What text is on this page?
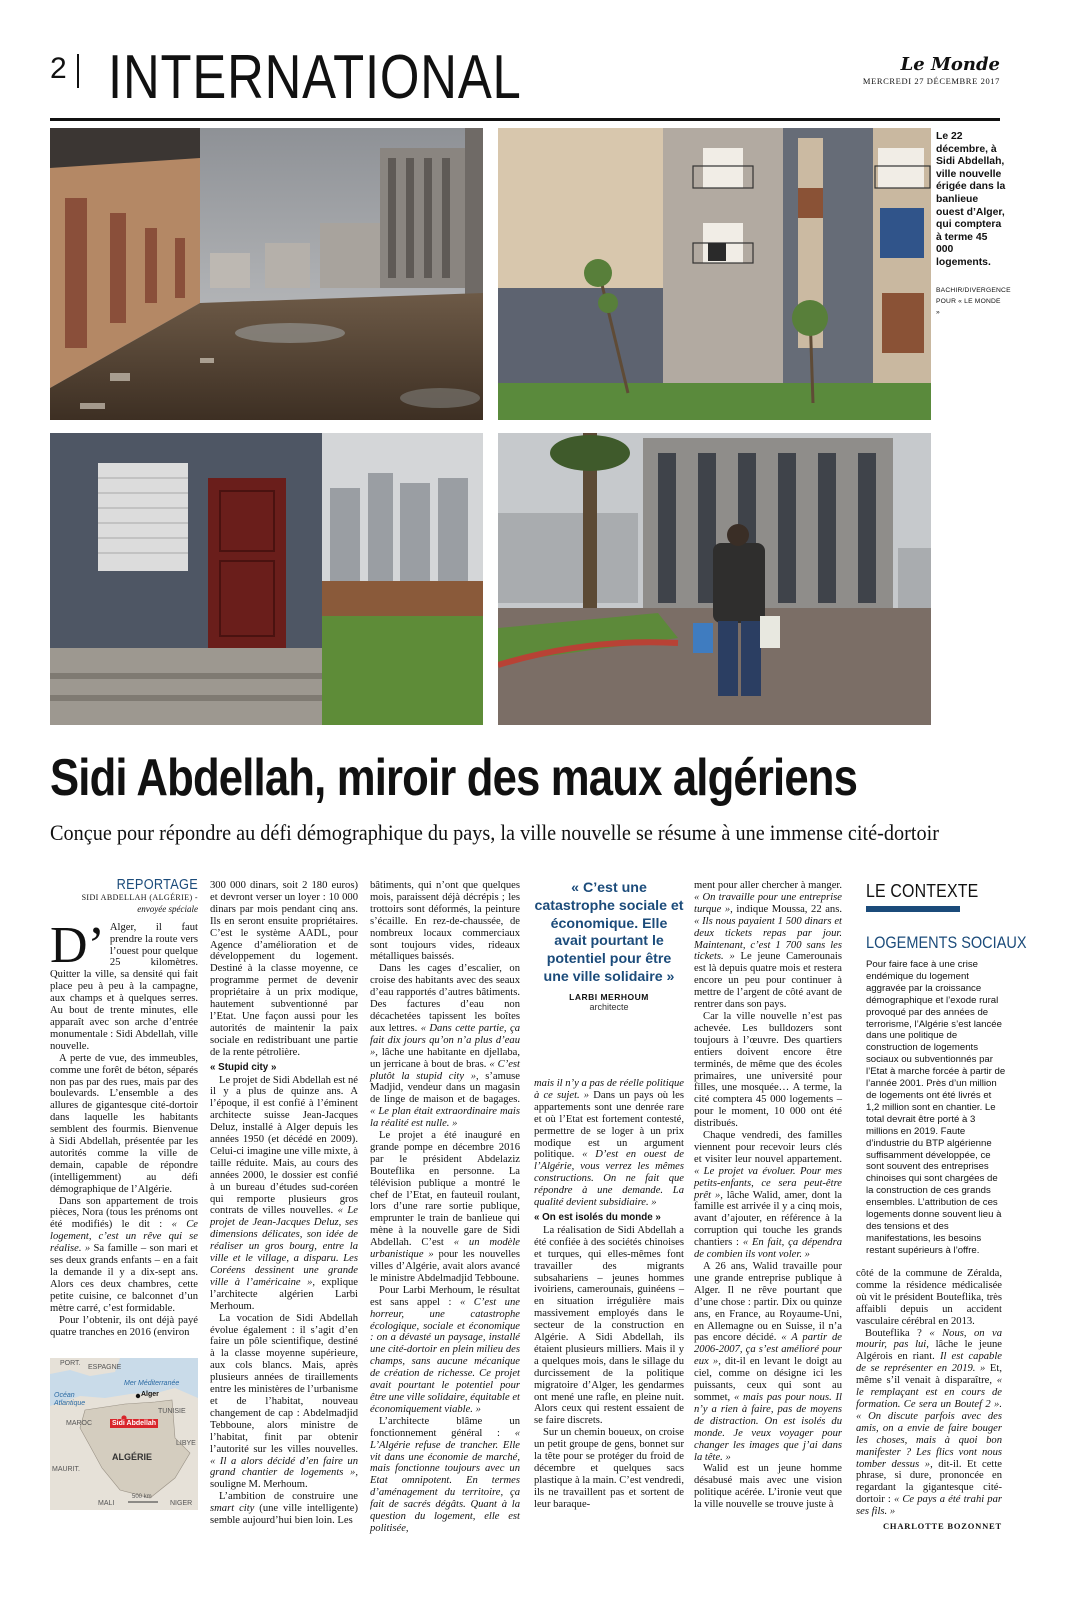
2 INTERNATIONAL	Le Monde
MERCREDI 27 DÉCEMBRE 2017
Le 22 décembre, à Sidi Abdellah, ville nouvelle érigée dans la banlieue ouest d’Alger, qui comptera à terme 45 000 logements.
BACHIR/DIVERGENCE POUR « LE MONDE »
Sidi Abdellah, miroir des maux algériens
Conçue pour répondre au défi démographique du pays, la ville nouvelle se résume à une immense cité-dortoir
REPORTAGE
SIDI ABDELLAH (ALGÉRIE) -
envoyée spéciale

D’ Alger, il faut prendre la route vers l’ouest pour quelque 25 kilomètres. Quitter la ville, sa densité qui fait place peu à peu à la campagne, aux champs et à quelques serres. Au bout de trente minutes, elle apparaît avec son arche d’entrée monumentale : Sidi Abdellah, ville nouvelle.

A perte de vue, des immeubles, comme une forêt de béton, séparés non pas par des rues, mais par des boulevards. L’ensemble a des allures de gigantesque cité-dortoir dans laquelle les habitants semblent des fourmis. Bienvenue à Sidi Abdellah, présentée par les autorités comme la ville de demain, capable de répondre (intelligemment) au défi démographique de l’Algérie.

Dans son appartement de trois pièces, Nora (tous les prénoms ont été modifiés) le dit : « Ce logement, c’est un rêve qui se réalise. » Sa famille – son mari et ses deux grands enfants – en a fait la demande il y a dix-sept ans. Alors ces deux chambres, cette petite cuisine, ce balconnet d’un mètre carré, c’est formidable.

Pour l’obtenir, ils ont déjà payé quatre tranches en 2016 (environ

PORT.
ESPAGNE
Mer Méditerranée
Océan Atlantique
Alger
TUNISIE
MAROC	Sidi Abdellah
LIBYE
ALGÉRIE
MAURIT.
MALI
500 km
NIGER

300 000 dinars, soit 2 180 euros) et devront verser un loyer : 10 000 dinars par mois pendant cinq ans. Ils en seront ensuite propriétaires. C’est le système AADL, pour Agence d’amélioration et de développement du logement. Destiné à la classe moyenne, ce programme permet de devenir propriétaire à un prix modique, hautement subventionné par l’Etat. Une façon aussi pour les autorités de maintenir la paix sociale en redistribuant une partie de la rente pétrolière.

« Stupid city »

Le projet de Sidi Abdellah est né il y a plus de quinze ans. A l’époque, il est confié à l’éminent architecte suisse Jean-Jacques Deluz, installé à Alger depuis les années 1950 (et décédé en 2009). Celui-ci imagine une ville mixte, à taille réduite. Mais, au cours des années 2000, le dossier est confié à un bureau d’études sud-coréen qui remporte plusieurs gros contrats de villes nouvelles. « Le projet de Jean-Jacques Deluz, ses dimensions délicates, son idée de réaliser un gros bourg, entre la ville et le village, a disparu. Les Coréens dessinent une grande ville à l’américaine », explique l’architecte algérien Larbi Merhoum.

La vocation de Sidi Abdellah évolue également : il s’agit d’en faire un pôle scientifique, destiné à la classe moyenne supérieure, aux cols blancs. Mais, après plusieurs années de tiraillements entre les ministères de l’urbanisme et de l’habitat, nouveau changement de cap : Abdelmadjid Tebboune, alors ministre de l’habitat, finit par obtenir l’autorité sur les villes nouvelles. « Il a alors décidé d’en faire un grand chantier de logements », souligne M. Merhoum.

L’ambition de construire une smart city (une ville intelligente) semble aujourd’hui bien loin. Les

bâtiments, qui n’ont que quelques mois, paraissent déjà décrépis ; les trottoirs sont déformés, la peinture s’écaille. En rez-de-chaussée, de nombreux locaux commerciaux sont toujours vides, rideaux métalliques baissés.

Dans les cages d’escalier, on croise des habitants avec des seaux d’eau rapportés d’autres bâtiments. Des factures d’eau non décachetées tapissent les boîtes aux lettres. « Dans cette partie, ça fait dix jours qu’on n’a plus d’eau », lâche une habitante en djellaba, un jerricane à bout de bras. « C’est plutôt la stupid city », s’amuse Madjid, vendeur dans un magasin de linge de maison et de bagages. « Le plan était extraordinaire mais la réalité est nulle. »

Le projet a été inauguré en grande pompe en décembre 2016 par le président Abdelaziz Bouteflika en personne. La télévision publique a montré le chef de l’Etat, en fauteuil roulant, lors d’une rare sortie publique, emprunter le train de banlieue qui mène à la nouvelle gare de Sidi Abdellah. C’est « un modèle urbanistique » pour les nouvelles villes d’Algérie, avait alors avancé le ministre Abdelmadjid Tebboune.

Pour Larbi Merhoum, le résultat est sans appel : « C’est une horreur, une catastrophe écologique, sociale et économique : on a dévasté un paysage, installé une cité-dortoir en plein milieu des champs, sans aucune mécanique de création de richesse. Ce projet avait pourtant le potentiel pour être une ville solidaire, équitable et économiquement viable. »

L’architecte blâme un fonctionnement général : « L’Algérie refuse de trancher. Elle vit dans une économie de marché, mais fonctionne toujours avec un Etat omnipotent. En termes d’aménagement du territoire, ça fait de sacrés dégâts. Quant à la question du logement, elle est politisée,

« C’est une catastrophe sociale et économique. Elle avait pourtant le potentiel pour être une ville solidaire »
LARBI MERHOUM
architecte

mais il n’y a pas de réelle politique à ce sujet. » Dans un pays où les appartements sont une denrée rare et où l’Etat est fortement contesté, permettre de se loger à un prix modique est un argument politique. « D’est en ouest de l’Algérie, vous verrez les mêmes constructions. On ne fait que répondre à une demande. La qualité devient subsidiaire. »

« On est isolés du monde »

La réalisation de Sidi Abdellah a été confiée à des sociétés chinoises et turques, qui elles-mêmes font travailler des migrants subsahariens – jeunes hommes ivoiriens, camerounais, guinéens – en situation irrégulière mais massivement employés dans le secteur de la construction en Algérie. A Sidi Abdellah, ils étaient plusieurs milliers. Mais il y a quelques mois, dans le sillage du durcissement de la politique migratoire d’Alger, les gendarmes ont mené une rafle, en pleine nuit. Alors ceux qui restent essaient de se faire discrets.

Sur un chemin boueux, on croise un petit groupe de gens, bonnet sur la tête pour se protéger du froid de décembre et quelques sacs plastique à la main. C’est vendredi, ils ne travaillent pas et sortent de leur baraque-

ment pour aller chercher à manger. « On travaille pour une entreprise turque », indique Moussa, 22 ans. « Ils nous payaient 1 500 dinars et deux tickets repas par jour. Maintenant, c’est 1 700 sans les tickets. » Le jeune Camerounais est là depuis quatre mois et restera encore un peu pour continuer à mettre de l’argent de côté avant de rentrer dans son pays.

Car la ville nouvelle n’est pas achevée. Les bulldozers sont toujours à l’œuvre. Des quartiers entiers doivent encore être terminés, de même que des écoles primaires, une université pour filles, une mosquée… A terme, la cité comptera 45 000 logements – pour le moment, 10 000 ont été distribués.

Chaque vendredi, des familles viennent pour recevoir leurs clés et visiter leur nouvel appartement. « Le projet va évoluer. Pour mes petits-enfants, ce sera peut-être prêt », lâche Walid, amer, dont la famille est arrivée il y a cinq mois, avant d’ajouter, en référence à la corruption qui touche les grands chantiers : « En fait, ça dépendra de combien ils vont voler. »

A 26 ans, Walid travaille pour une grande entreprise publique à Alger. Il ne rêve pourtant que d’une chose : partir. Dix ou quinze ans, en France, au Royaume-Uni, en Allemagne ou en Suisse, il n’a pas encore décidé. « A partir de 2006-2007, ça s’est amélioré pour eux », dit-il en levant le doigt au ciel, comme on désigne ici les puissants, ceux qui sont au sommet, « mais pas pour nous. Il n’y a rien à faire, pas de moyens de distraction. On est isolés du monde. Je veux voyager pour changer les images que j’ai dans la tête. »

Walid est un jeune homme désabusé mais avec une vision politique acérée. L’ironie veut que la ville nouvelle se trouve juste à

LE CONTEXTE
LOGEMENTS SOCIAUX
Pour faire face à une crise endémique du logement aggravée par la croissance démographique et l’exode rural provoqué par des années de terrorisme, l’Algérie s’est lancée dans une politique de construction de logements sociaux ou subventionnés par l’Etat à marche forcée à partir de l’année 2001. Près d’un million de logements ont été livrés et 1,2 million sont en chantier. Le total devrait être porté à 3 millions en 2019. Faute d’industrie du BTP algérienne suffisamment développée, ce sont souvent des entreprises chinoises qui sont chargées de la construction de ces grands ensembles. L’attribution de ces logements donne souvent lieu à des tensions et des manifestations, les besoins restant supérieurs à l’offre.

côté de la commune de Zéralda, comme la résidence médicalisée où vit le président Bouteflika, très affaibli depuis un accident vasculaire cérébral en 2013.

Bouteflika ? « Nous, on va mourir, pas lui, lâche le jeune Algérois en riant. Il est capable de se représenter en 2019. » Et, même s’il venait à disparaître, « le remplaçant est en cours de formation. Ce sera un Boutef 2 ». « On discute parfois avec des amis, on a envie de faire bouger les choses, mais à quoi bon manifester ? Les flics vont nous tomber dessus », dit-il. Et cette phrase, si dure, prononcée en regardant la gigantesque cité-dortoir : « Ce pays a été trahi par ses fils. »

CHARLOTTE BOZONNET
